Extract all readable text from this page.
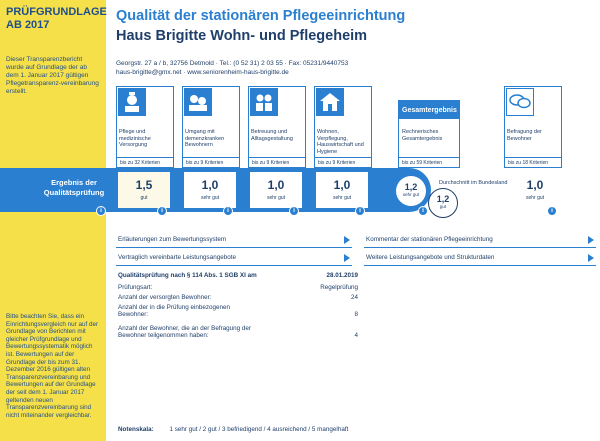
PRÜFGRUNDLAGE
AB 2017
Dieser Transparenzbericht wurde auf Grundlage der ab dem 1. Januar 2017 gültigen Pflegetransparenz-vereinbarung erstellt.
Bitte beachten Sie, dass ein Einrichtungsvergleich nur auf der Grundlage von Berichten mit gleicher Prüfgrundlage und Bewertungssystematik möglich ist. Bewertungen auf der Grundlage der bis zum 31. Dezember 2016 gültigen alten Transparenzvereinbarung und Bewertungen auf der Grundlage der seit dem 1. Januar 2017 geltenden neuen Transparenzvereinbarung sind nicht miteinander vergleichbar.
Qualität der stationären Pflegeeinrichtung
Haus Brigitte Wohn- und Pflegeheim
Georgstr. 27 a / b, 32756 Detmold · Tel.: (0 52 31) 2 03 55 · Fax: 05231/9440753
haus-brigitte@gmx.net · www.seniorenheim-haus-brigitte.de
Pflege und medizinische Versorgung
bis zu 32 Kriterien
Umgang mit demenzkranken Bewohnern
bis zu 9 Kriterien
Betreuung und Alltagsgestaltung
bis zu 9 Kriterien
Wohnen, Verpflegung, Hauswirtschaft und Hygiene
bis zu 9 Kriterien
Gesamtergebnis
Rechnerisches Gesamtergebnis
bis zu 59 Kriterien
Befragung der Bewohner
bis zu 18 Kriterien
Ergebnis der Qualitätsprüfung
i
1,5
gut
i
1,0
sehr gut
i
1,0
sehr gut
i
1,0
sehr gut
i
1,2
sehr gut
i
1,2
gut
Durchschnitt im Bundesland	1,0
sehr gut
i
Erläuterungen zum Bewertungssystem	Kommentar der stationären Pflegeeinrichtung
Vertraglich vereinbarte Leistungsangebote	Weitere Leistungsangebote und Strukturdaten
Qualitätsprüfung nach § 114 Abs. 1 SGB XI am	28.01.2019
Prüfungsart:	Regelprüfung
Anzahl der versorgten Bewohner:	24
Anzahl der in die Prüfung einbezogenen Bewohner:	8
Anzahl der Bewohner, die an der Befragung der Bewohner teilgenommen haben:	4
Notenskala:	1 sehr gut / 2 gut / 3 befriedigend / 4 ausreichend / 5 mangelhaft
